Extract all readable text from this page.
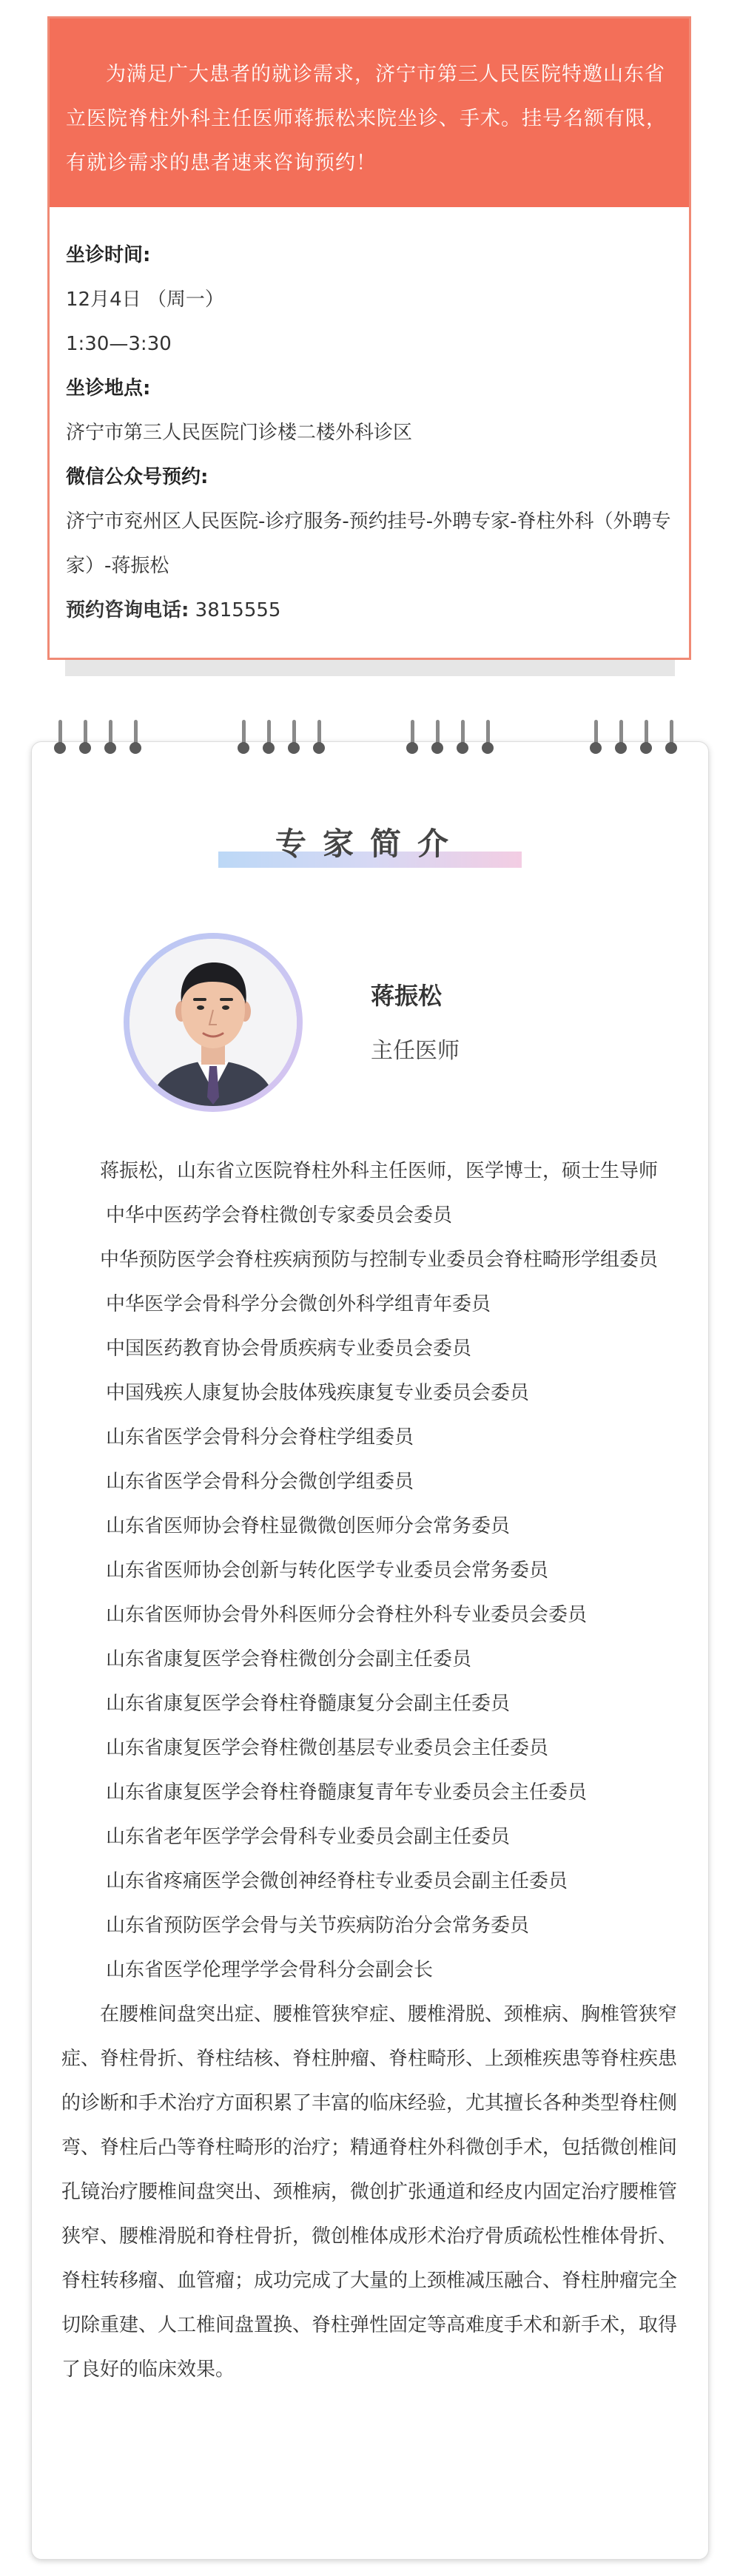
为满足广大患者的就诊需求，济宁市第三人民医院特邀山东省立医院脊柱外科主任医师蒋振松来院坐诊、手术。挂号名额有限，有就诊需求的患者速来咨询预约！

坐诊时间:
12月4日 （周一）
1:30—3:30
坐诊地点:
济宁市第三人民医院门诊楼二楼外科诊区
微信公众号预约:
济宁市兖州区人民医院-诊疗服务-预约挂号-外聘专家-脊柱外科（外聘专家）-蒋振松
预约咨询电话: 3815555
专家简介
蒋振松
主任医师

蒋振松，山东省立医院脊柱外科主任医师，医学博士，硕士生导师

中华中医药学会脊柱微创专家委员会委员

中华预防医学会脊柱疾病预防与控制专业委员会脊柱畸形学组委员

中华医学会骨科学分会微创外科学组青年委员

中国医药教育协会骨质疾病专业委员会委员

中国残疾人康复协会肢体残疾康复专业委员会委员

山东省医学会骨科分会脊柱学组委员

山东省医学会骨科分会微创学组委员

山东省医师协会脊柱显微微创医师分会常务委员

山东省医师协会创新与转化医学专业委员会常务委员

山东省医师协会骨外科医师分会脊柱外科专业委员会委员

山东省康复医学会脊柱微创分会副主任委员

山东省康复医学会脊柱脊髓康复分会副主任委员

山东省康复医学会脊柱微创基层专业委员会主任委员

山东省康复医学会脊柱脊髓康复青年专业委员会主任委员

山东省老年医学学会骨科专业委员会副主任委员

山东省疼痛医学会微创神经脊柱专业委员会副主任委员

山东省预防医学会骨与关节疾病防治分会常务委员

山东省医学伦理学学会骨科分会副会长

在腰椎间盘突出症、腰椎管狭窄症、腰椎滑脱、颈椎病、胸椎管狭窄症、脊柱骨折、脊柱结核、脊柱肿瘤、脊柱畸形、上颈椎疾患等脊柱疾患的诊断和手术治疗方面积累了丰富的临床经验，尤其擅长各种类型脊柱侧弯、脊柱后凸等脊柱畸形的治疗；精通脊柱外科微创手术，包括微创椎间孔镜治疗腰椎间盘突出、颈椎病，微创扩张通道和经皮内固定治疗腰椎管狭窄、腰椎滑脱和脊柱骨折，微创椎体成形术治疗骨质疏松性椎体骨折、脊柱转移瘤、血管瘤；成功完成了大量的上颈椎减压融合、脊柱肿瘤完全切除重建、人工椎间盘置换、脊柱弹性固定等高难度手术和新手术，取得了良好的临床效果。
